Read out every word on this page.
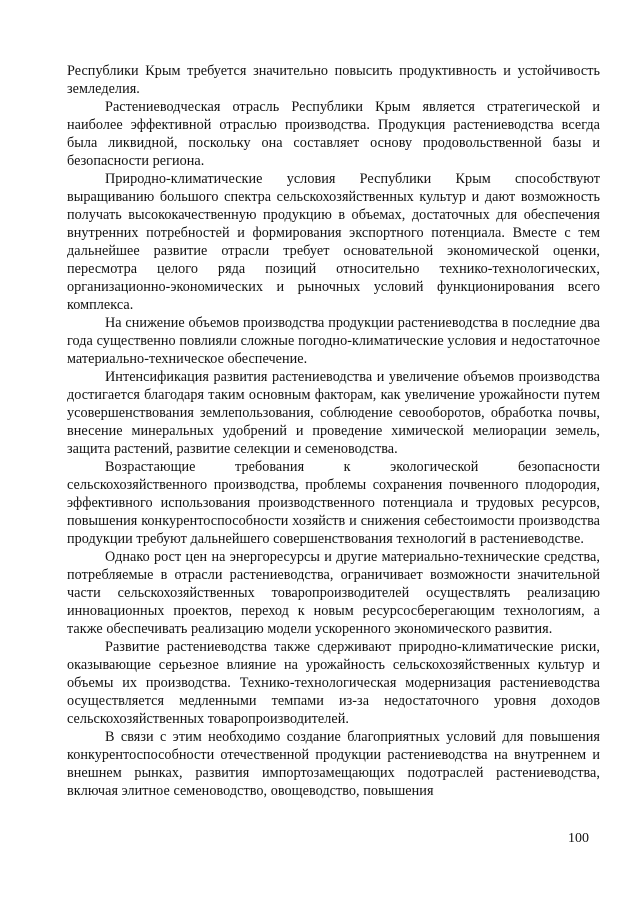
Республики Крым требуется значительно повысить продуктивность и устойчивость земледелия.

Растениеводческая отрасль Республики Крым является стратегической и наиболее эффективной отраслью производства. Продукция растениеводства всегда была ликвидной, поскольку она составляет основу продовольственной базы и безопасности региона.

Природно-климатические условия Республики Крым способствуют выращиванию большого спектра сельскохозяйственных культур и дают возможность получать высококачественную продукцию в объемах, достаточных для обеспечения внутренних потребностей и формирования экспортного потенциала. Вместе с тем дальнейшее развитие отрасли требует основательной экономической оценки, пересмотра целого ряда позиций относительно технико-технологических, организационно-экономических и рыночных условий функционирования всего комплекса.

На снижение объемов производства продукции растениеводства в последние два года существенно повлияли сложные погодно-климатические условия и недостаточное материально-техническое обеспечение.

Интенсификация развития растениеводства и увеличение объемов производства достигается благодаря таким основным факторам, как увеличение урожайности путем усовершенствования землепользования, соблюдение севооборотов, обработка почвы, внесение минеральных удобрений и проведение химической мелиорации земель, защита растений, развитие селекции и семеноводства.

Возрастающие требования к экологической безопасности сельскохозяйственного производства, проблемы сохранения почвенного плодородия, эффективного использования производственного потенциала и трудовых ресурсов, повышения конкурентоспособности хозяйств и снижения себестоимости производства продукции требуют дальнейшего совершенствования технологий в растениеводстве.

Однако рост цен на энергоресурсы и другие материально-технические средства, потребляемые в отрасли растениеводства, ограничивает возможности значительной части сельскохозяйственных товаропроизводителей осуществлять реализацию инновационных проектов, переход к новым ресурсосберегающим технологиям, а также обеспечивать реализацию модели ускоренного экономического развития.

Развитие растениеводства также сдерживают природно-климатические риски, оказывающие серьезное влияние на урожайность сельскохозяйственных культур и объемы их производства. Технико-технологическая модернизация растениеводства осуществляется медленными темпами из-за недостаточного уровня доходов сельскохозяйственных товаропроизводителей.

В связи с этим необходимо создание благоприятных условий для повышения конкурентоспособности отечественной продукции растениеводства на внутреннем и внешнем рынках, развития импортозамещающих подотраслей растениеводства, включая элитное семеноводство, овощеводство, повышения

100
